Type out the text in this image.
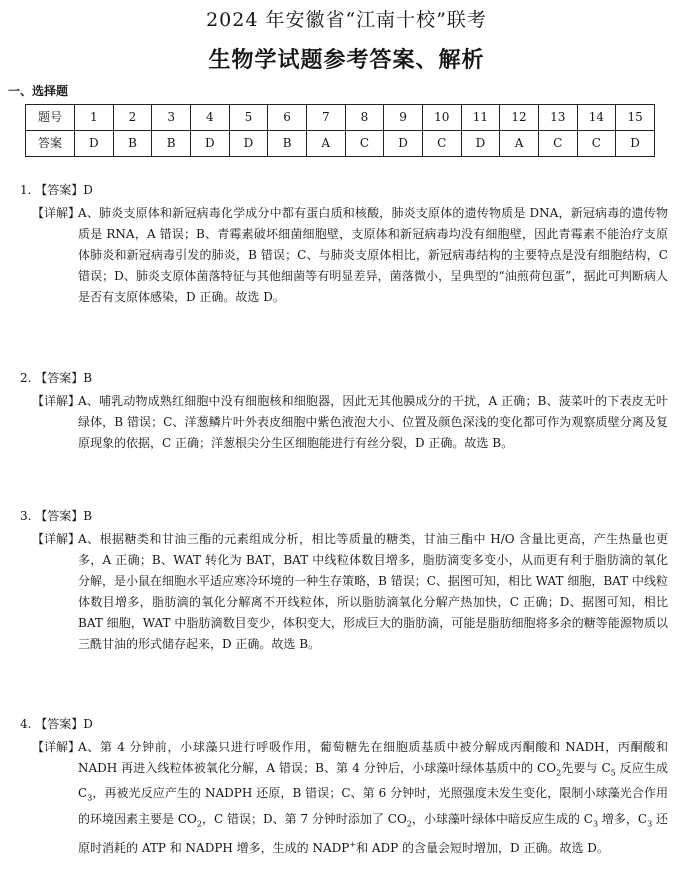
2024 年安徽省“江南十校”联考
生物学试题参考答案、解析
一、选择题
题号	1	2	3	4	5	6	7	8	9	10	11	12	13	14	15
答案	D	B	B	D	D	B	A	C	D	C	D	A	C	C	D
1. 【答案】D
【详解】
A、肺炎支原体和新冠病毒化学成分中都有蛋白质和核酸，肺炎支原体的遗传物质是 DNA，新冠病毒的遗传物质是 RNA，A 错误；B、青霉素破坏细菌细胞壁，支原体和新冠病毒均没有细胞壁，因此青霉素不能治疗支原体肺炎和新冠病毒引发的肺炎，B 错误；C、与肺炎支原体相比，新冠病毒结构的主要特点是没有细胞结构，C 错误；D、肺炎支原体菌落特征与其他细菌等有明显差异，菌落微小，呈典型的“油煎荷包蛋”，据此可判断病人是否有支原体感染，D 正确。故选 D。
2. 【答案】B
【详解】
A、哺乳动物成熟红细胞中没有细胞核和细胞器，因此无其他膜成分的干扰，A 正确；B、菠菜叶的下表皮无叶绿体，B 错误；C、洋葱鳞片叶外表皮细胞中紫色液泡大小、位置及颜色深浅的变化都可作为观察质壁分离及复原现象的依据，C 正确；洋葱根尖分生区细胞能进行有丝分裂，D 正确。故选 B。
3. 【答案】B
【详解】
A、根据糖类和甘油三酯的元素组成分析，相比等质量的糖类，甘油三酯中 H/O 含量比更高，产生热量也更多，A 正确；B、WAT 转化为 BAT，BAT 中线粒体数目增多，脂肪滴变多变小，从而更有利于脂肪滴的氧化分解，是小鼠在细胞水平适应寒冷环境的一种生存策略，B 错误；C、据图可知，相比 WAT 细胞，BAT 中线粒体数目增多，脂肪滴的氧化分解离不开线粒体，所以脂肪滴氧化分解产热加快，C 正确；D、据图可知，相比 BAT 细胞，WAT 中脂肪滴数目变少，体积变大，形成巨大的脂肪滴，可能是脂肪细胞将多余的糖等能源物质以三酰甘油的形式储存起来，D 正确。故选 B。
4. 【答案】D
【详解】
A、第 4 分钟前，小球藻只进行呼吸作用，葡萄糖先在细胞质基质中被分解成丙酮酸和 NADH，丙酮酸和 NADH 再进入线粒体被氧化分解，A 错误；B、第 4 分钟后，小球藻叶绿体基质中的 $CO_2$先要与 $C_5$ 反应生成 $C_3$，再被光反应产生的 NADPH 还原，B 错误；C、第 6 分钟时，光照强度未发生变化，限制小球藻光合作用的环境因素主要是 $CO_2$，C 错误；D、第 7 分钟时添加了 $CO_2$，小球藻叶绿体中暗反应生成的 $C_3$ 增多，$C_3$ 还原时消耗的 ATP 和 NADPH 增多，生成的 NADP+和 ADP 的含量会短时增加，D 正确。故选 D。
